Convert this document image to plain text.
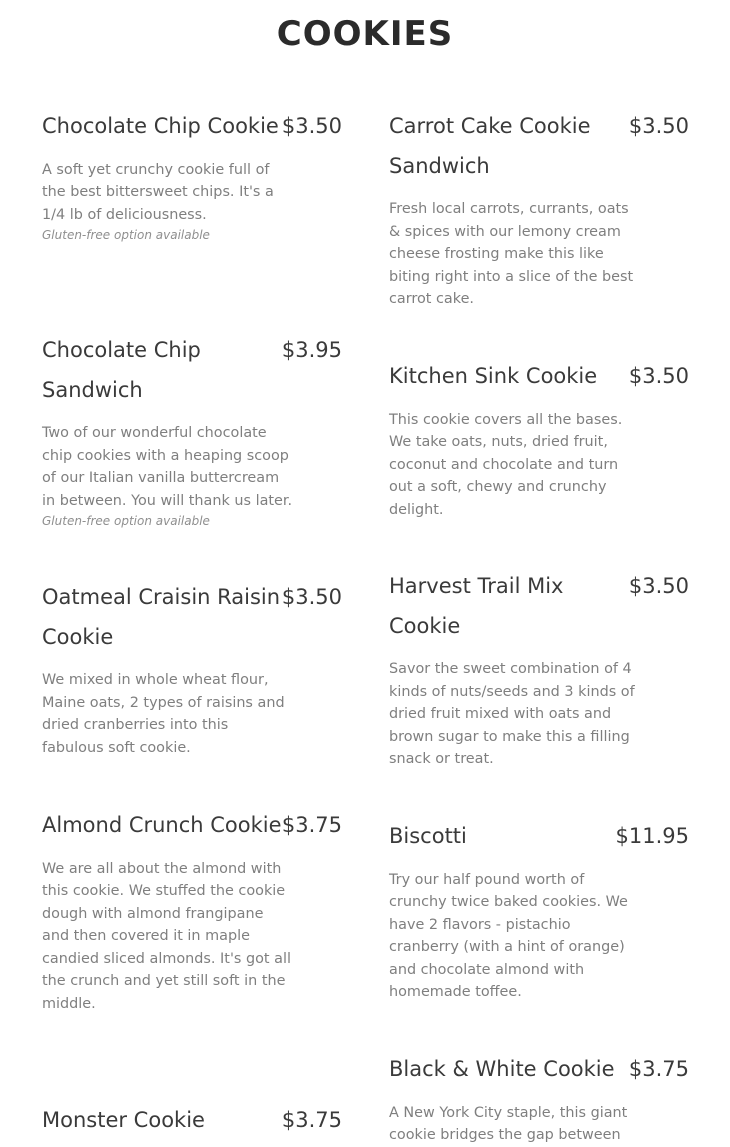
COOKIES
Chocolate Chip Cookie $3.50
A soft yet crunchy cookie full of the best bittersweet chips. It's a 1/4 lb of deliciousness.
Gluten-free option available
Chocolate Chip Sandwich
$3.95
Two of our wonderful chocolate chip cookies with a heaping scoop of our Italian vanilla buttercream in between. You will thank us later.
Gluten-free option available
Oatmeal Craisin Raisin Cookie
$3.50
We mixed in whole wheat flour, Maine oats, 2 types of raisins and dried cranberries into this fabulous soft cookie.
Almond Crunch Cookie $3.75
We are all about the almond with this cookie. We stuffed the cookie dough with almond frangipane and then covered it in maple candied sliced almonds. It's got all the crunch and yet still soft in the middle.
Monster Cookie	$3.75
Carrot Cake Cookie Sandwich
$3.50
Fresh local carrots, currants, oats & spices with our lemony cream cheese frosting make this like biting right into a slice of the best carrot cake.
Kitchen Sink Cookie	$3.50
This cookie covers all the bases. We take oats, nuts, dried fruit, coconut and chocolate and turn out a soft, chewy and crunchy delight.
Harvest Trail Mix Cookie
$3.50
Savor the sweet combination of 4 kinds of nuts/seeds and 3 kinds of dried fruit mixed with oats and brown sugar to make this a filling snack or treat.
Biscotti	$11.95
Try our half pound worth of crunchy twice baked cookies. We have 2 flavors - pistachio cranberry (with a hint of orange) and chocolate almond with homemade toffee.
Black & White Cookie $3.75
A New York City staple, this giant cookie bridges the gap between
